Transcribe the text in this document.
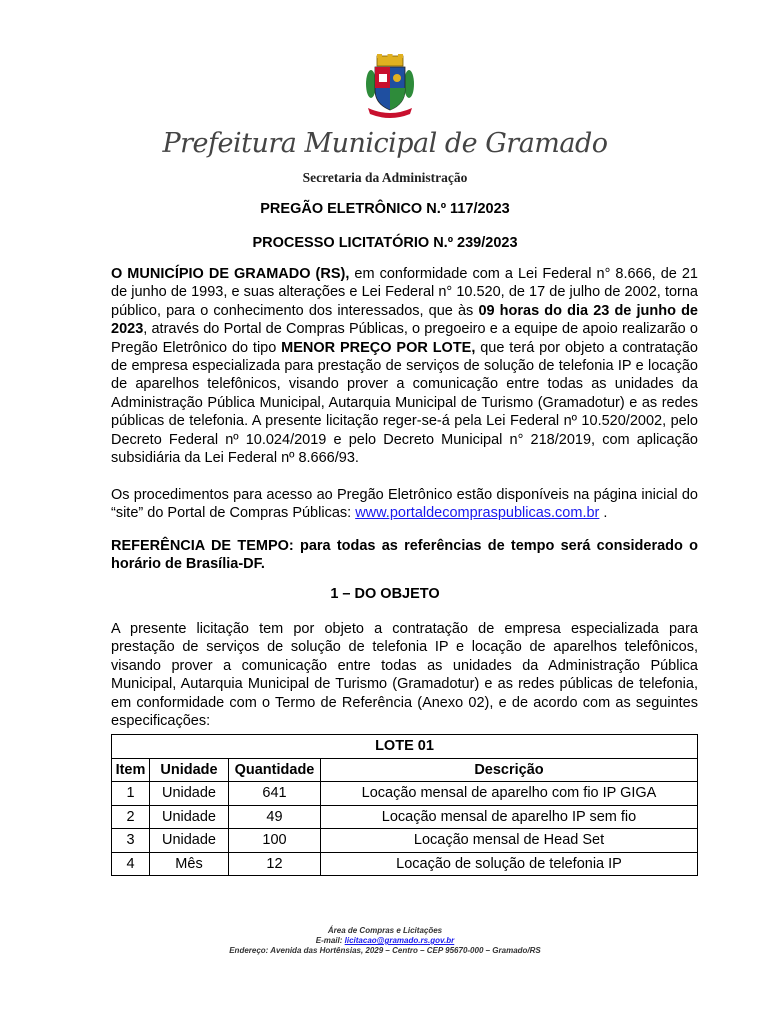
Prefeitura Municipal de Gramado
Secretaria da Administração
PREGÃO ELETRÔNICO N.º 117/2023
PROCESSO LICITATÓRIO N.º 239/2023
O MUNICÍPIO DE GRAMADO (RS), em conformidade com a Lei Federal n° 8.666, de 21 de junho de 1993, e suas alterações e Lei Federal n° 10.520, de 17 de julho de 2002, torna público, para o conhecimento dos interessados, que às 09 horas do dia 23 de junho de 2023, através do Portal de Compras Públicas, o pregoeiro e a equipe de apoio realizarão o Pregão Eletrônico do tipo MENOR PREÇO POR LOTE, que terá por objeto a contratação de empresa especializada para prestação de serviços de solução de telefonia IP e locação de aparelhos telefônicos, visando prover a comunicação entre todas as unidades da Administração Pública Municipal, Autarquia Municipal de Turismo (Gramadotur) e as redes públicas de telefonia. A presente licitação reger-se-á pela Lei Federal nº 10.520/2002, pelo Decreto Federal nº 10.024/2019 e pelo Decreto Municipal n° 218/2019, com aplicação subsidiária da Lei Federal nº 8.666/93.
Os procedimentos para acesso ao Pregão Eletrônico estão disponíveis na página inicial do “site” do Portal de Compras Públicas: www.portaldecompraspublicas.com.br .
REFERÊNCIA DE TEMPO: para todas as referências de tempo será considerado o horário de Brasília-DF.
1 – DO OBJETO
A presente licitação tem por objeto a contratação de empresa especializada para prestação de serviços de solução de telefonia IP e locação de aparelhos telefônicos, visando prover a comunicação entre todas as unidades da Administração Pública Municipal, Autarquia Municipal de Turismo (Gramadotur) e as redes públicas de telefonia, em conformidade com o Termo de Referência (Anexo 02), e de acordo com as seguintes especificações:
LOTE 01			
Item	Unidade	Quantidade	Descrição
1	Unidade	641	Locação mensal de aparelho com fio IP GIGA
2	Unidade	49	Locação mensal de aparelho IP sem fio
3	Unidade	100	Locação mensal de Head Set
4	Mês	12	Locação de solução de telefonia IP
Área de Compras e Licitações
E-mail: licitacao@gramado.rs.gov.br
Endereço: Avenida das Hortênsias, 2029 – Centro – CEP 95670-000 – Gramado/RS
